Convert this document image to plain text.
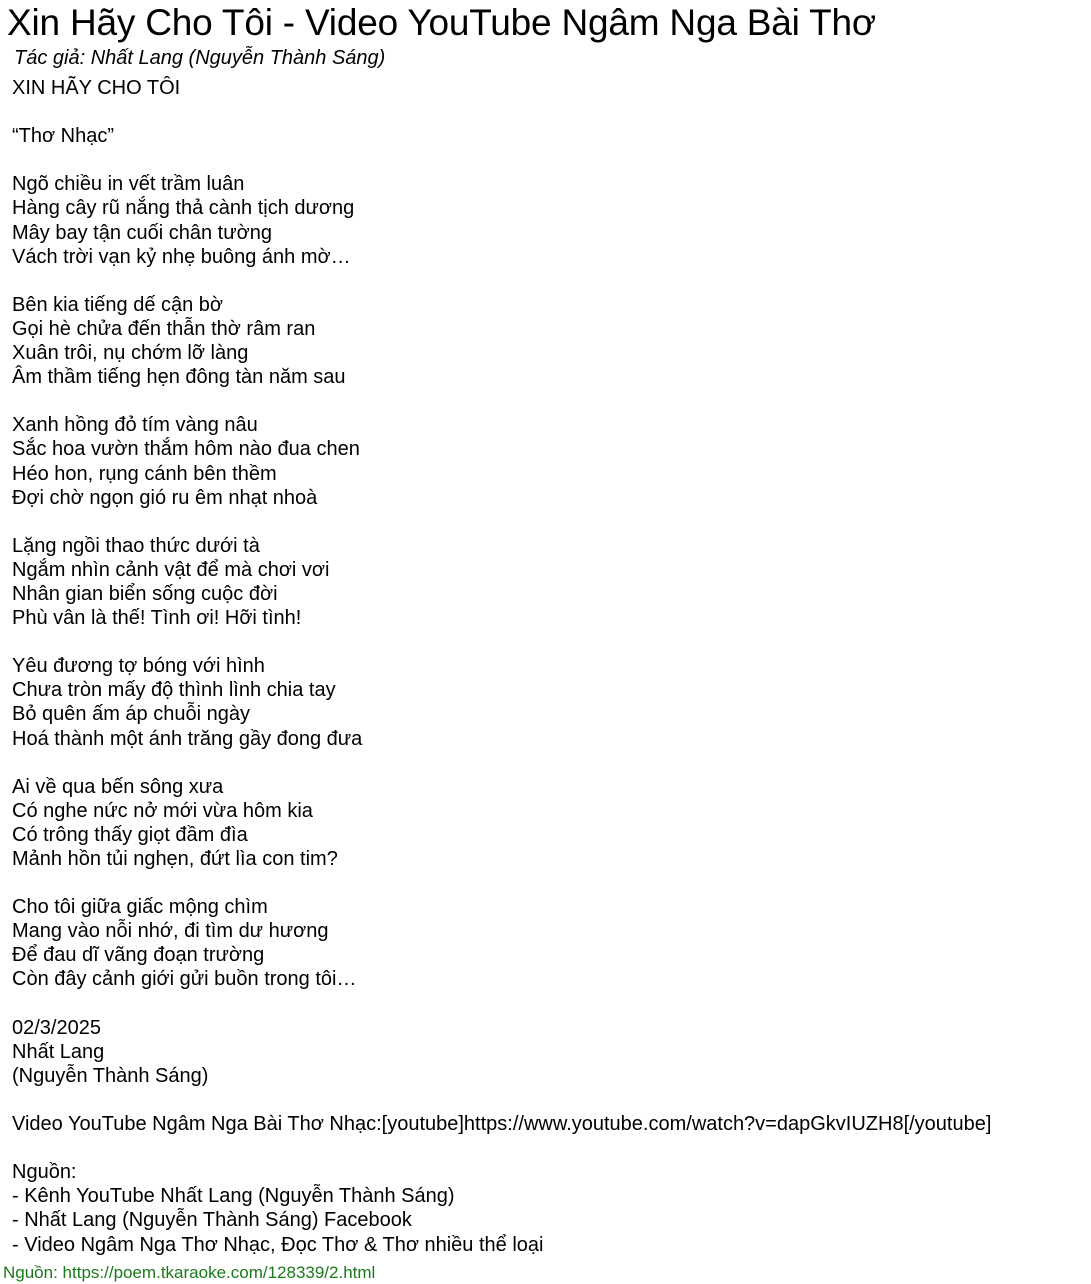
Xin Hãy Cho Tôi - Video YouTube Ngâm Nga Bài Thơ
Tác giả: Nhất Lang (Nguyễn Thành Sáng)
XIN HÃY CHO TÔI
“Thơ Nhạc”
Ngõ chiều in vết trầm luân
Hàng cây rũ nắng thả cành tịch dương
Mây bay tận cuối chân tường
Vách trời vạn kỷ nhẹ buông ánh mờ…
Bên kia tiếng dế cận bờ
Gọi hè chửa đến thẫn thờ râm ran
Xuân trôi, nụ chớm lỡ làng
Âm thầm tiếng hẹn đông tàn năm sau
Xanh hồng đỏ tím vàng nâu
Sắc hoa vườn thắm hôm nào đua chen
Héo hon, rụng cánh bên thềm
Đợi chờ ngọn gió ru êm nhạt nhoà
Lặng ngồi thao thức dưới tà
Ngắm nhìn cảnh vật để mà chơi vơi
Nhân gian biển sống cuộc đời
Phù vân là thế! Tình ơi! Hỡi tình!
Yêu đương tợ bóng với hình
Chưa tròn mấy độ thình lình chia tay
Bỏ quên ấm áp chuỗi ngày
Hoá thành một ánh trăng gầy đong đưa
Ai về qua bến sông xưa
Có nghe nức nở mới vừa hôm kia
Có trông thấy giọt đầm đìa
Mảnh hồn tủi nghẹn, đứt lìa con tim?
Cho tôi giữa giấc mộng chìm
Mang vào nỗi nhớ, đi tìm dư hương
Để đau dĩ vãng đoạn trường
Còn đây cảnh giới gửi buồn trong tôi…
02/3/2025
Nhất Lang
(Nguyễn Thành Sáng)
Video YouTube Ngâm Nga Bài Thơ Nhạc:[youtube]https://www.youtube.com/watch?v=dapGkvIUZH8[/youtube]
Nguồn:
- Kênh YouTube Nhất Lang (Nguyễn Thành Sáng)
- Nhất Lang (Nguyễn Thành Sáng) Facebook
- Video Ngâm Nga Thơ Nhạc, Đọc Thơ & Thơ nhiều thể loại
Nguồn: https://poem.tkaraoke.com/128339/2.html
